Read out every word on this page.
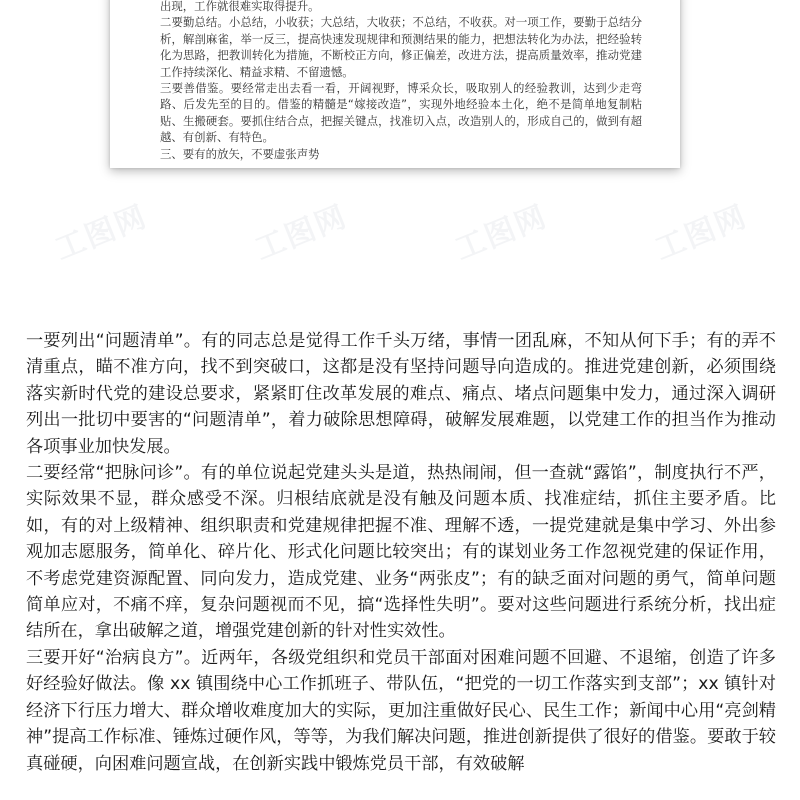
出现，工作就很难实取得提升。

二要勤总结。小总结，小收获；大总结，大收获；不总结，不收获。对一项工作，要勤于总结分析，解剖麻雀，举一反三，提高快速发现规律和预测结果的能力，把想法转化为办法，把经验转化为思路，把教训转化为措施，不断校正方向，修正偏差，改进方法，提高质量效率，推动党建工作持续深化、精益求精、不留遗憾。

三要善借鉴。要经常走出去看一看，开阔视野，博采众长，吸取别人的经验教训，达到少走弯路、后发先至的目的。借鉴的精髓是“嫁接改造”，实现外地经验本土化，绝不是简单地复制粘贴、生搬硬套。要抓住结合点，把握关键点，找准切入点，改造别人的，形成自己的，做到有超越、有创新、有特色。

三、要有的放矢，不要虚张声势

工图网	工图网	工图网	工图网

一要列出“问题清单”。有的同志总是觉得工作千头万绪，事情一团乱麻，不知从何下手；有的弄不清重点，瞄不准方向，找不到突破口，这都是没有坚持问题导向造成的。推进党建创新，必须围绕落实新时代党的建设总要求，紧紧盯住改革发展的难点、痛点、堵点问题集中发力，通过深入调研列出一批切中要害的“问题清单”，着力破除思想障碍，破解发展难题，以党建工作的担当作为推动各项事业加快发展。

二要经常“把脉问诊”。有的单位说起党建头头是道，热热闹闹，但一查就“露馅”，制度执行不严，实际效果不显，群众感受不深。归根结底就是没有触及问题本质、找准症结，抓住主要矛盾。比如，有的对上级精神、组织职责和党建规律把握不准、理解不透，一提党建就是集中学习、外出参观加志愿服务，简单化、碎片化、形式化问题比较突出；有的谋划业务工作忽视党建的保证作用，不考虑党建资源配置、同向发力，造成党建、业务“两张皮”；有的缺乏面对问题的勇气，简单问题简单应对，不痛不痒，复杂问题视而不见，搞“选择性失明”。要对这些问题进行系统分析，找出症结所在，拿出破解之道，增强党建创新的针对性实效性。

三要开好“治病良方”。近两年，各级党组织和党员干部面对困难问题不回避、不退缩，创造了许多好经验好做法。像 xx 镇围绕中心工作抓班子、带队伍，“把党的一切工作落实到支部”；xx 镇针对经济下行压力增大、群众增收难度加大的实际，更加注重做好民心、民生工作；新闻中心用“亮剑精神”提高工作标准、锤炼过硬作风，等等，为我们解决问题，推进创新提供了很好的借鉴。要敢于较真碰硬，向困难问题宣战，在创新实践中锻炼党员干部，有效破解
